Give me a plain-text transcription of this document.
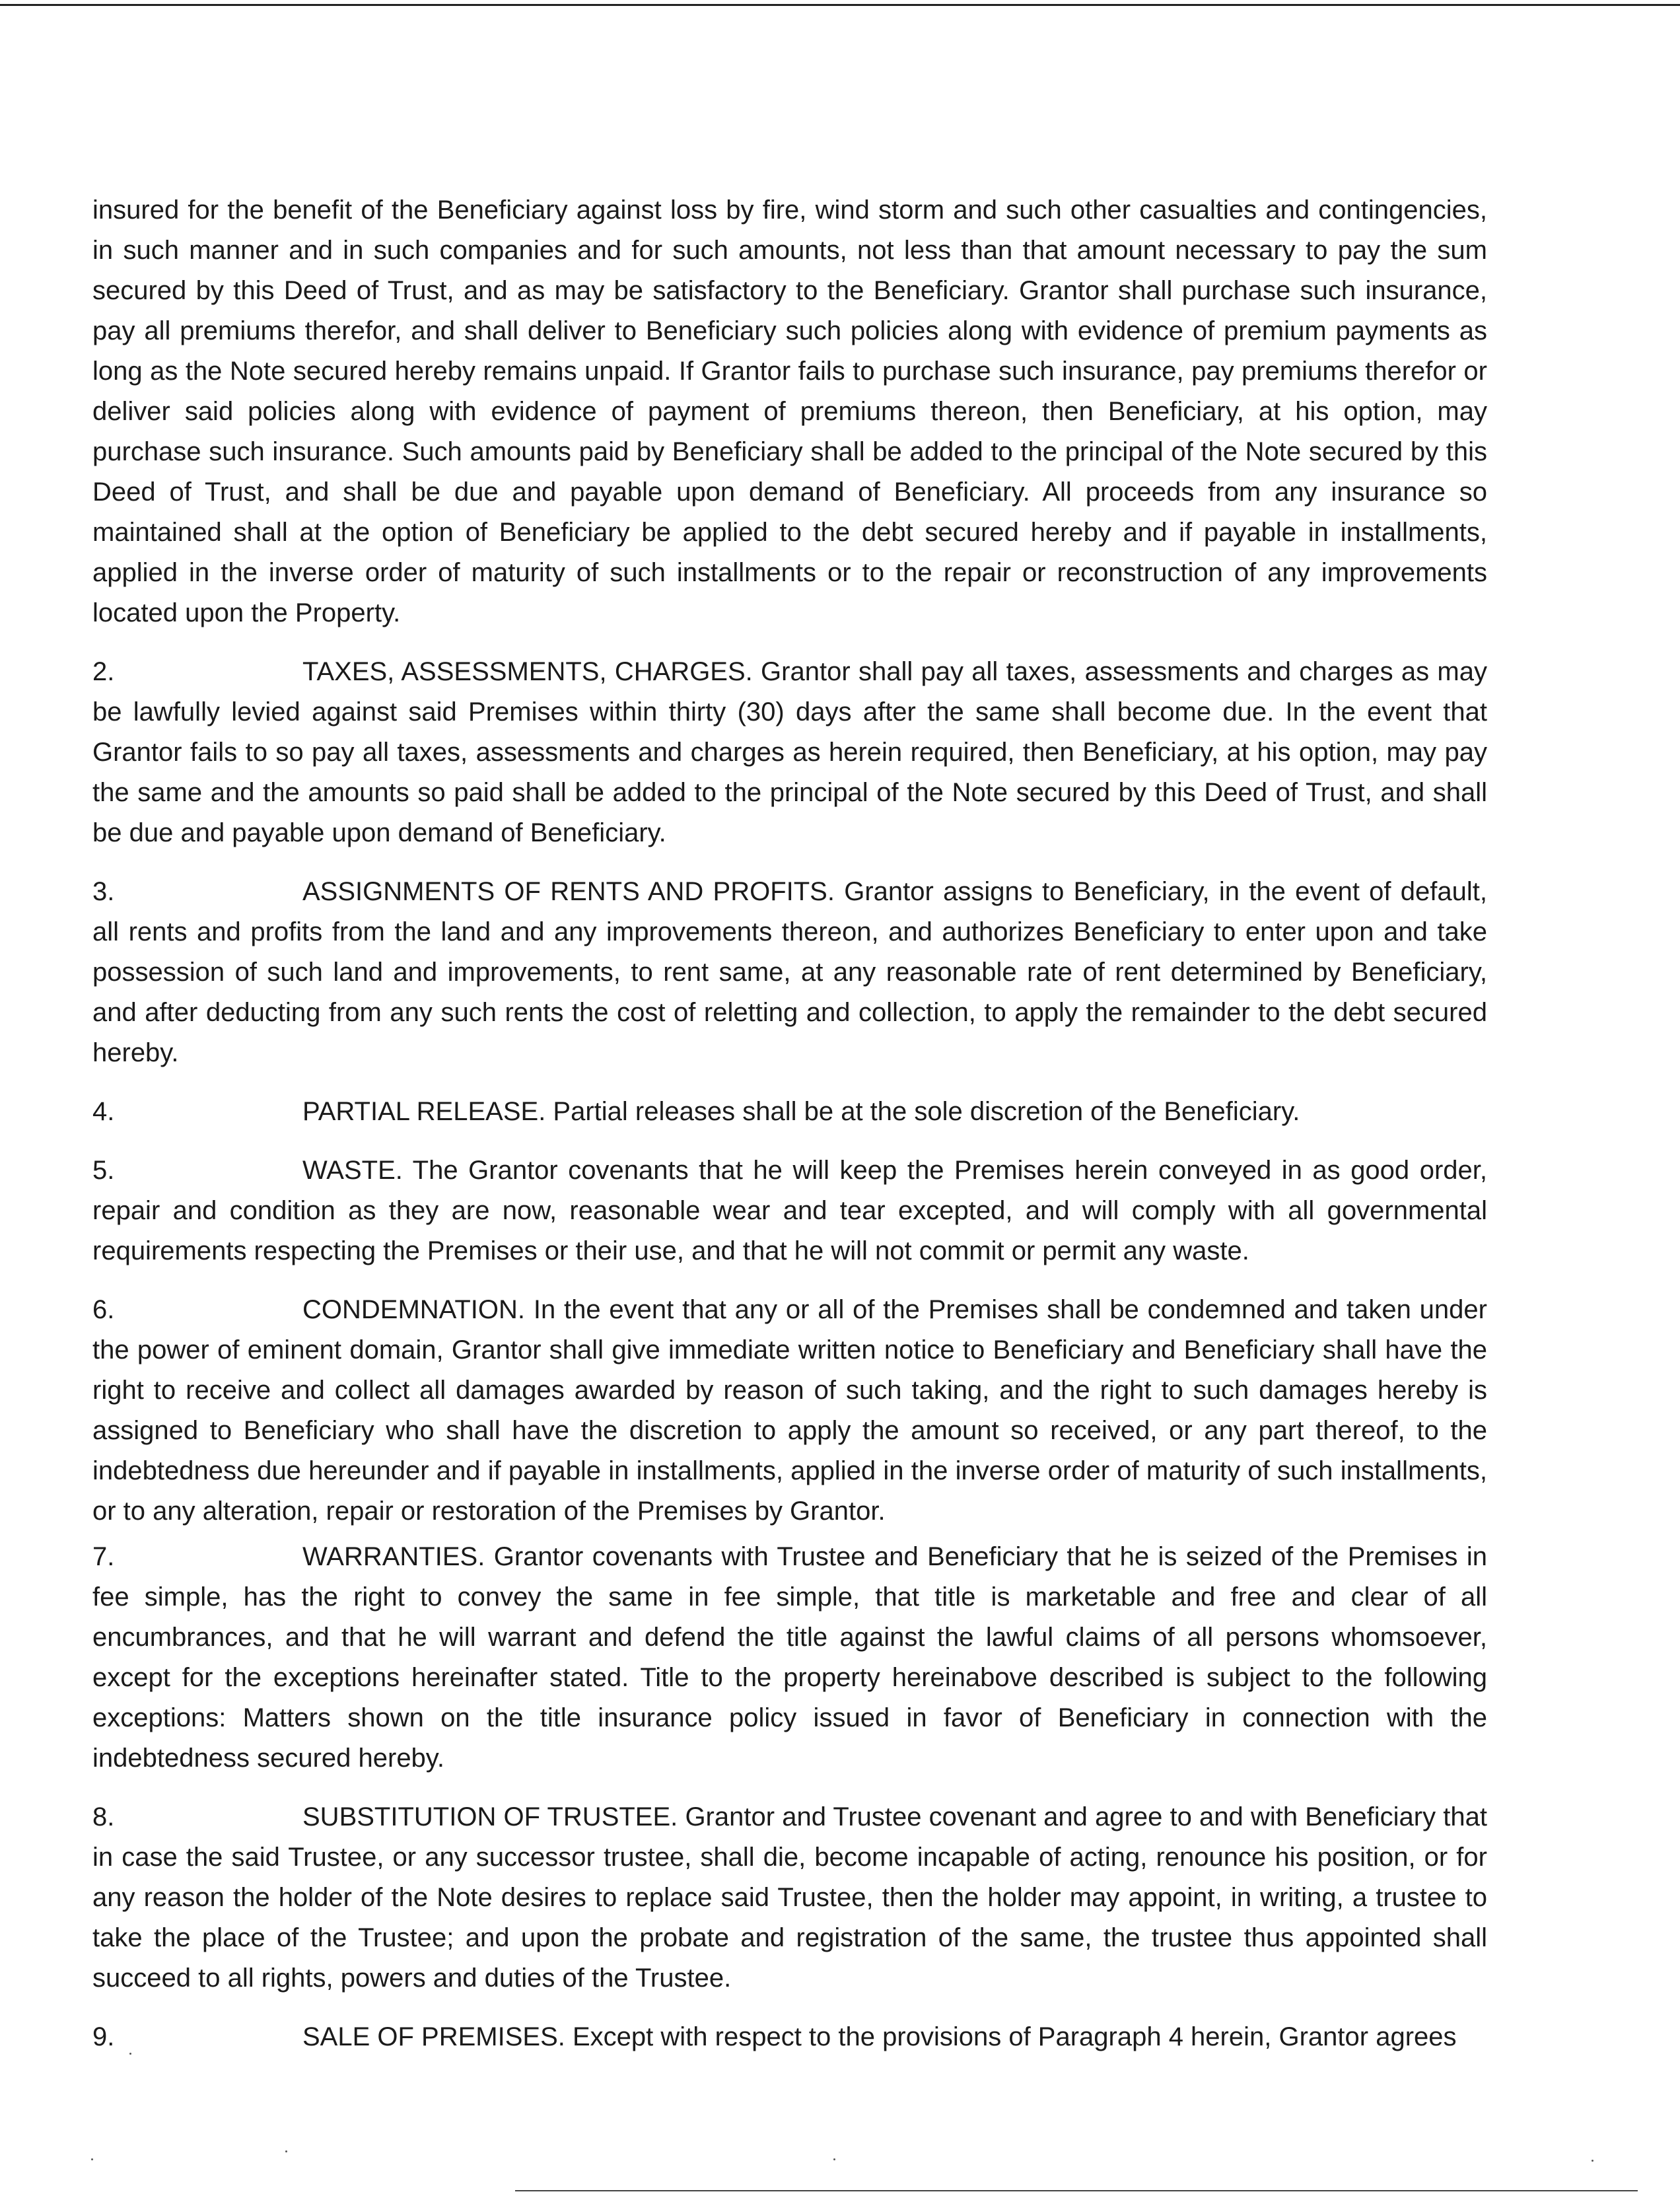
insured for the benefit of the Beneficiary against loss by fire, wind storm and such other casualties and contingencies, in such manner and in such companies and for such amounts, not less than that amount necessary to pay the sum secured by this Deed of Trust, and as may be satisfactory to the Beneficiary. Grantor shall purchase such insurance, pay all premiums therefor, and shall deliver to Beneficiary such policies along with evidence of premium payments as long as the Note secured hereby remains unpaid. If Grantor fails to purchase such insurance, pay premiums therefor or deliver said policies along with evidence of payment of premiums thereon, then Beneficiary, at his option, may purchase such insurance. Such amounts paid by Beneficiary shall be added to the principal of the Note secured by this Deed of Trust, and shall be due and payable upon demand of Beneficiary. All proceeds from any insurance so maintained shall at the option of Beneficiary be applied to the debt secured hereby and if payable in installments, applied in the inverse order of maturity of such installments or to the repair or reconstruction of any improvements located upon the Property.

2.	TAXES, ASSESSMENTS, CHARGES. Grantor shall pay all taxes, assessments and charges as may be lawfully levied against said Premises within thirty (30) days after the same shall become due. In the event that Grantor fails to so pay all taxes, assessments and charges as herein required, then Beneficiary, at his option, may pay the same and the amounts so paid shall be added to the principal of the Note secured by this Deed of Trust, and shall be due and payable upon demand of Beneficiary.

3.	ASSIGNMENTS OF RENTS AND PROFITS. Grantor assigns to Beneficiary, in the event of default, all rents and profits from the land and any improvements thereon, and authorizes Beneficiary to enter upon and take possession of such land and improvements, to rent same, at any reasonable rate of rent determined by Beneficiary, and after deducting from any such rents the cost of reletting and collection, to apply the remainder to the debt secured hereby.

4.	PARTIAL RELEASE. Partial releases shall be at the sole discretion of the Beneficiary.

5.	WASTE. The Grantor covenants that he will keep the Premises herein conveyed in as good order, repair and condition as they are now, reasonable wear and tear excepted, and will comply with all governmental requirements respecting the Premises or their use, and that he will not commit or permit any waste.

6.	CONDEMNATION. In the event that any or all of the Premises shall be condemned and taken under the power of eminent domain, Grantor shall give immediate written notice to Beneficiary and Beneficiary shall have the right to receive and collect all damages awarded by reason of such taking, and the right to such damages hereby is assigned to Beneficiary who shall have the discretion to apply the amount so received, or any part thereof, to the indebtedness due hereunder and if payable in installments, applied in the inverse order of maturity of such installments, or to any alteration, repair or restoration of the Premises by Grantor.

7.	WARRANTIES. Grantor covenants with Trustee and Beneficiary that he is seized of the Premises in fee simple, has the right to convey the same in fee simple, that title is marketable and free and clear of all encumbrances, and that he will warrant and defend the title against the lawful claims of all persons whomsoever, except for the exceptions hereinafter stated. Title to the property hereinabove described is subject to the following exceptions: Matters shown on the title insurance policy issued in favor of Beneficiary in connection with the indebtedness secured hereby.

8.	SUBSTITUTION OF TRUSTEE. Grantor and Trustee covenant and agree to and with Beneficiary that in case the said Trustee, or any successor trustee, shall die, become incapable of acting, renounce his position, or for any reason the holder of the Note desires to replace said Trustee, then the holder may appoint, in writing, a trustee to take the place of the Trustee; and upon the probate and registration of the same, the trustee thus appointed shall succeed to all rights, powers and duties of the Trustee.

9.	SALE OF PREMISES. Except with respect to the provisions of Paragraph 4 herein, Grantor agrees
